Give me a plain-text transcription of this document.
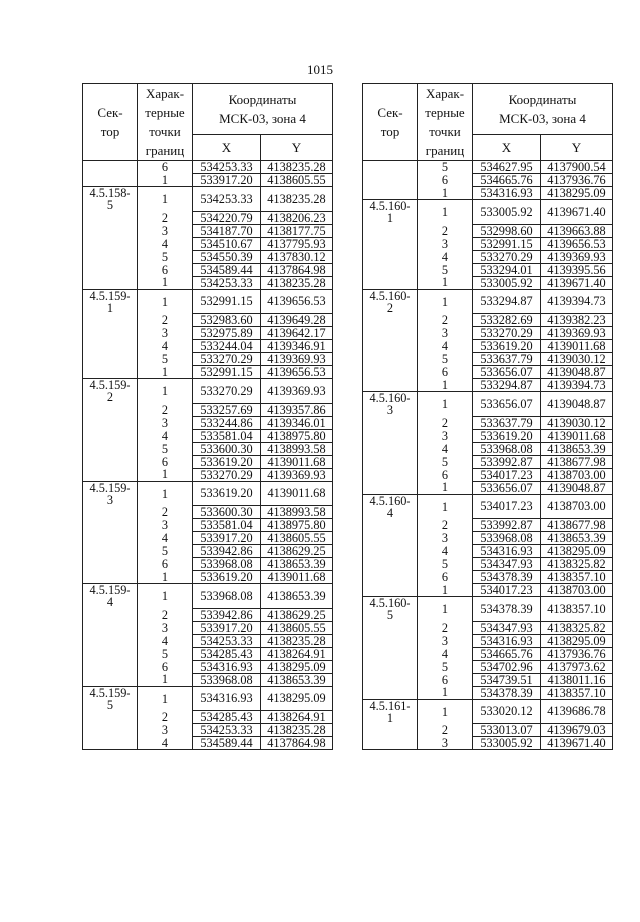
1015
Сек-
тор	Харак-
терные
точки
границ	Координаты
МСК-03, зона 4	
		X	Y
	6	534253.33	4138235.28
	1	533917.20	4138605.55

4.5.158-
5	1	534253.33	4138235.28
	2	534220.79	4138206.23
	3	534187.70	4138177.75
	4	534510.67	4137795.93
	5	534550.39	4137830.12
	6	534589.44	4137864.98
	1	534253.33	4138235.28

4.5.159-
1	1	532991.15	4139656.53
	2	532983.60	4139649.28
	3	532975.89	4139642.17
	4	533244.04	4139346.91
	5	533270.29	4139369.93
	1	532991.15	4139656.53

4.5.159-
2	1	533270.29	4139369.93
	2	533257.69	4139357.86
	3	533244.86	4139346.01
	4	533581.04	4138975.80
	5	533600.30	4138993.58
	6	533619.20	4139011.68
	1	533270.29	4139369.93

4.5.159-
3	1	533619.20	4139011.68
	2	533600.30	4138993.58
	3	533581.04	4138975.80
	4	533917.20	4138605.55
	5	533942.86	4138629.25
	6	533968.08	4138653.39
	1	533619.20	4139011.68

4.5.159-
4	1	533968.08	4138653.39
	2	533942.86	4138629.25
	3	533917.20	4138605.55
	4	534253.33	4138235.28
	5	534285.43	4138264.91
	6	534316.93	4138295.09
	1	533968.08	4138653.39

4.5.159-
5	1	534316.93	4138295.09
	2	534285.43	4138264.91
	3	534253.33	4138235.28
	4	534589.44	4137864.98
Сек-
тор	Харак-
терные
точки
границ	Координаты
МСК-03, зона 4	
		X	Y
	5	534627.95	4137900.54
	6	534665.76	4137936.76
	1	534316.93	4138295.09

4.5.160-
1	1	533005.92	4139671.40
	2	532998.60	4139663.88
	3	532991.15	4139656.53
	4	533270.29	4139369.93
	5	533294.01	4139395.56
	1	533005.92	4139671.40

4.5.160-
2	1	533294.87	4139394.73
	2	533282.69	4139382.23
	3	533270.29	4139369.93
	4	533619.20	4139011.68
	5	533637.79	4139030.12
	6	533656.07	4139048.87
	1	533294.87	4139394.73

4.5.160-
3	1	533656.07	4139048.87
	2	533637.79	4139030.12
	3	533619.20	4139011.68
	4	533968.08	4138653.39
	5	533992.87	4138677.98
	6	534017.23	4138703.00
	1	533656.07	4139048.87

4.5.160-
4	1	534017.23	4138703.00
	2	533992.87	4138677.98
	3	533968.08	4138653.39
	4	534316.93	4138295.09
	5	534347.93	4138325.82
	6	534378.39	4138357.10
	1	534017.23	4138703.00

4.5.160-
5	1	534378.39	4138357.10
	2	534347.93	4138325.82
	3	534316.93	4138295.09
	4	534665.76	4137936.76
	5	534702.96	4137973.62
	6	534739.51	4138011.16
	1	534378.39	4138357.10

4.5.161-
1	1	533020.12	4139686.78
	2	533013.07	4139679.03
	3	533005.92	4139671.40
